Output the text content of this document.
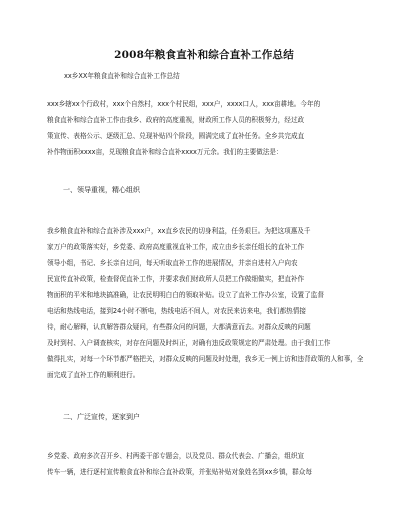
2008年粮食直补和综合直补工作总结
xx乡XX年粮食直补和综合直补工作总结
xxx乡辖xx个行政村，xxx个自然村，xxx个村民组，xxx户，xxxx口人，xxx亩耕地。今年的
粮食直补和综合直补工作由我乡、政府的高度重视，财政所工作人员的积极努力，经过政
策宣传、表格公示、逐级汇总、兑现补贴四个阶段，圆满完成了直补任务。全乡共完成直
补作物面积xxxx亩，兑现粮食直补和综合直补xxxx万元余。我们的主要做法是：
一、领导重视，精心组织
我乡粮食直补和综合直补涉及xxx户，xx直乡农民的切身利益，任务艰巨。为把这项惠及千
家万户的政策落实好，乡党委、政府高度重视直补工作，成立由乡长亲任组长的直补工作
领导小组，书记、乡长亲自过问，每天听取直补工作的进展情况，并亲自进村入户向农
民宣传直补政策，检查督促直补工作，并要求我们财政所人员把工作做细做实，把直补作
物面积的平米和地块搞准确，让农民明明白白的领取补贴。设立了直补工作办公室，设置了监督
电话和热线电话，接到24小时不断电，热线电话不间人，对农民来访来电，我们都热情接
待，耐心解释，认真解答群众疑问，有些群众问的问题，大都满意而去。对群众反映的问题
及时到村、入户调查核实，对存在问题及时纠正，对确有违反政策规定的严肃处理。由于我们工作
做得扎实，对每一个环节都严格把关，对群众反映的问题及时处理，我乡无一例上访和违背政策的人和事，全
面完成了直补工作的顺利进行。
二、广泛宣传，逐家到户
乡党委、政府多次召开乡、村两委干部专题会，以及党员、群众代表会、广播会，组织宣
传车一辆，进行逐村宣传粮食直补和综合直补政策，并张贴补贴对象姓名到xx乡镇，群众每
